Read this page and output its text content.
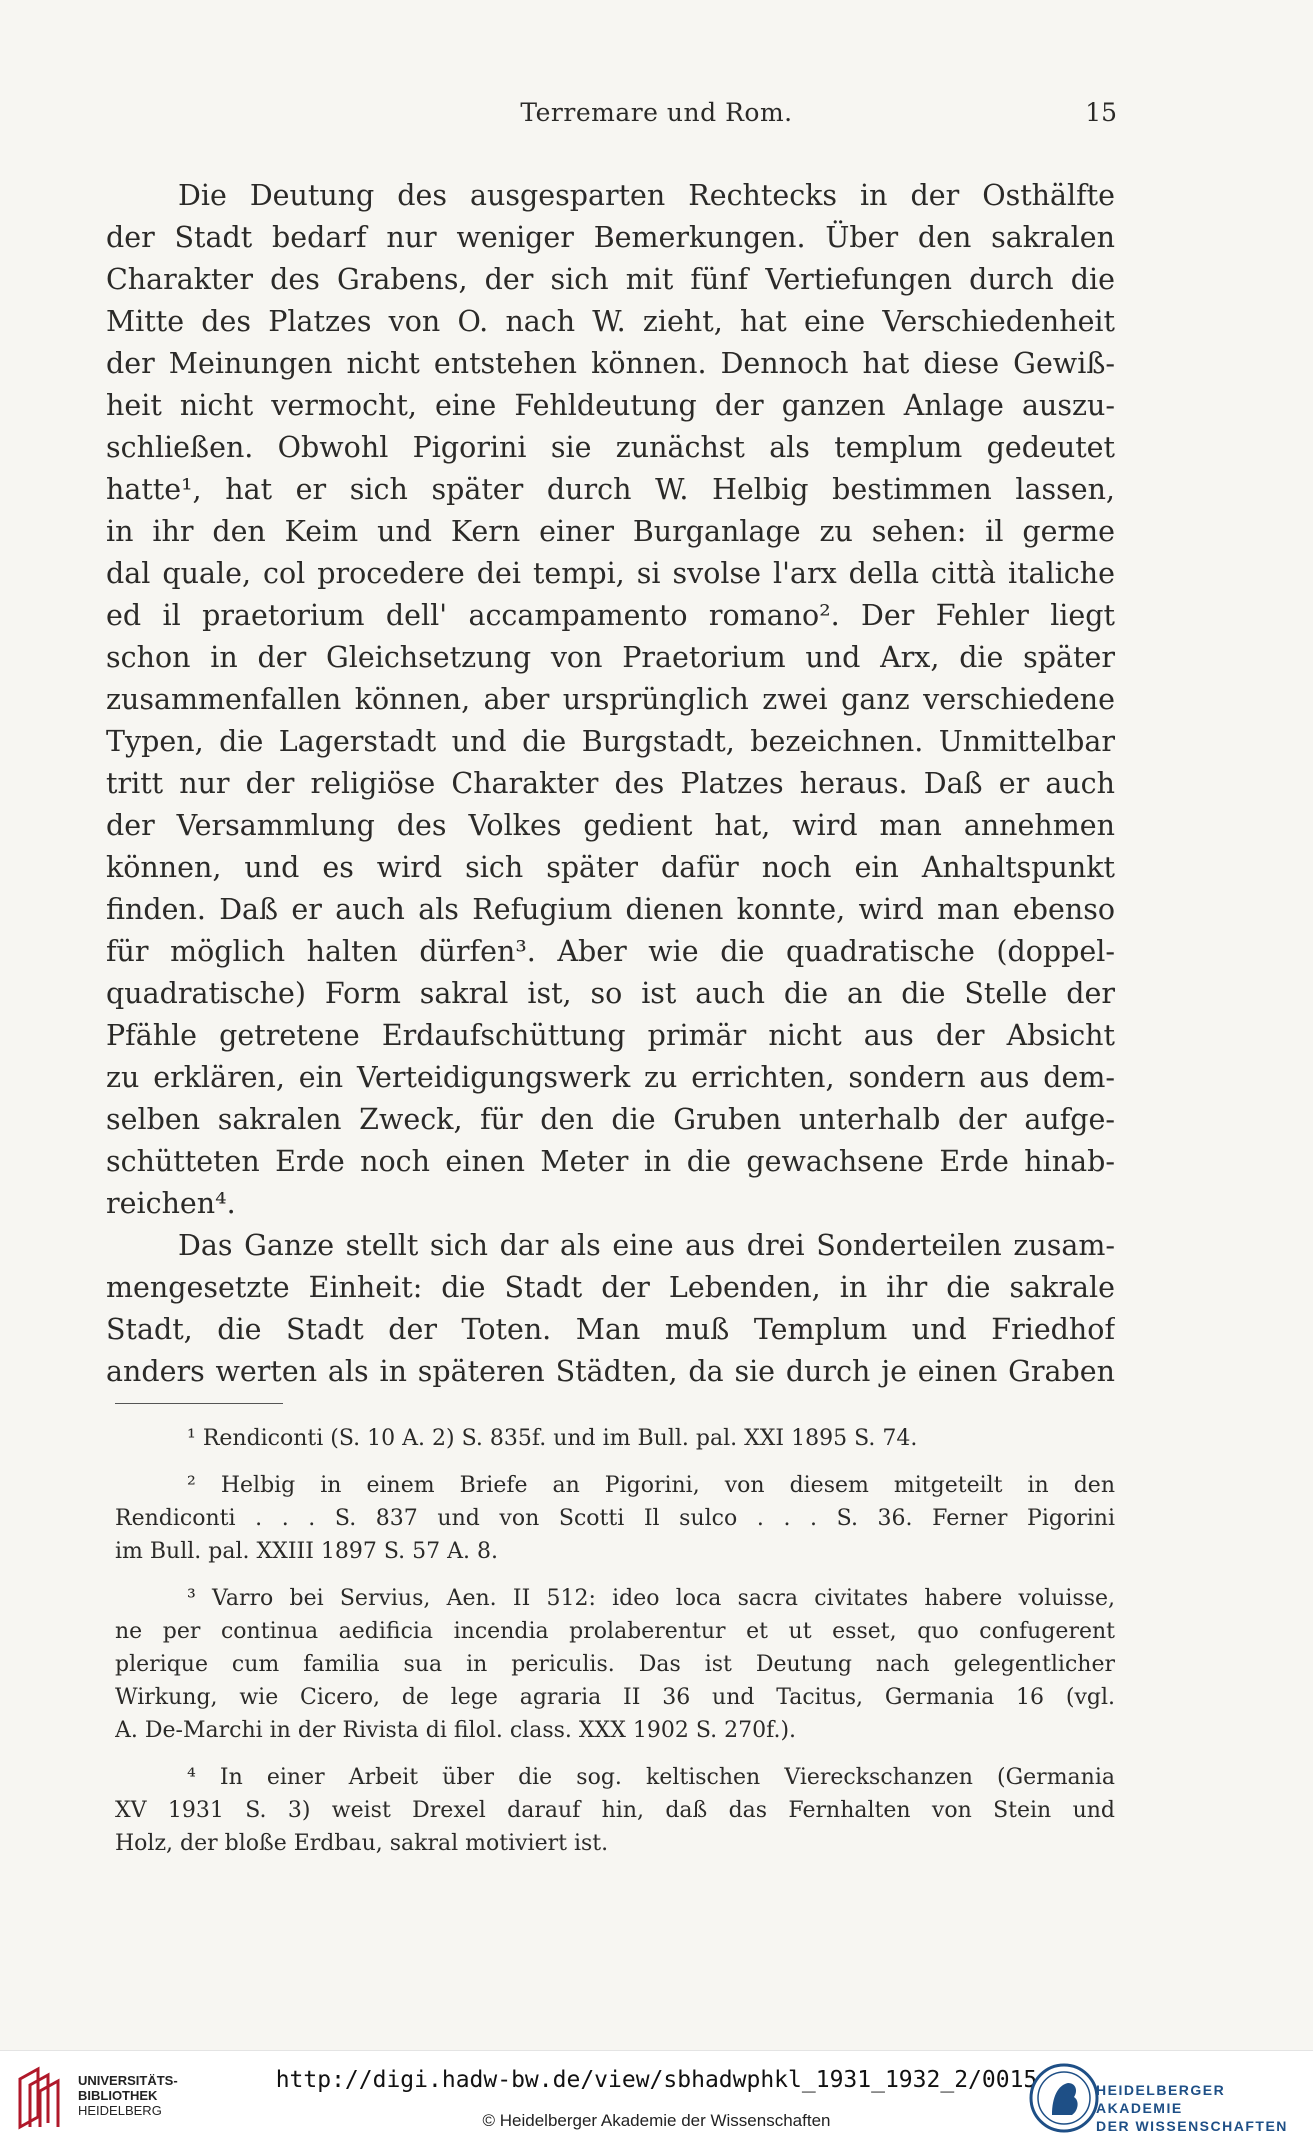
Terremare und Rom.	15
Die Deutung des ausgesparten Rechtecks in der Osthälfte
der Stadt bedarf nur weniger Bemerkungen. Über den sakralen
Charakter des Grabens, der sich mit fünf Vertiefungen durch die
Mitte des Platzes von O. nach W. zieht, hat eine Verschiedenheit
der Meinungen nicht entstehen können. Dennoch hat diese Gewiß-
heit nicht vermocht, eine Fehldeutung der ganzen Anlage auszu-
schließen. Obwohl Pigorini sie zunächst als templum gedeutet
hatte¹, hat er sich später durch W. Helbig bestimmen lassen,
in ihr den Keim und Kern einer Burganlage zu sehen: il germe
dal quale, col procedere dei tempi, si svolse l'arx della città italiche
ed il praetorium dell' accampamento romano². Der Fehler liegt
schon in der Gleichsetzung von Praetorium und Arx, die später
zusammenfallen können, aber ursprünglich zwei ganz verschiedene
Typen, die Lagerstadt und die Burgstadt, bezeichnen. Unmittelbar
tritt nur der religiöse Charakter des Platzes heraus. Daß er auch
der Versammlung des Volkes gedient hat, wird man annehmen
können, und es wird sich später dafür noch ein Anhaltspunkt
finden. Daß er auch als Refugium dienen konnte, wird man ebenso
für möglich halten dürfen³. Aber wie die quadratische (doppel-
quadratische) Form sakral ist, so ist auch die an die Stelle der
Pfähle getretene Erdaufschüttung primär nicht aus der Absicht
zu erklären, ein Verteidigungswerk zu errichten, sondern aus dem-
selben sakralen Zweck, für den die Gruben unterhalb der aufge-
schütteten Erde noch einen Meter in die gewachsene Erde hinab-
reichen⁴.
Das Ganze stellt sich dar als eine aus drei Sonderteilen zusam-
mengesetzte Einheit: die Stadt der Lebenden, in ihr die sakrale
Stadt, die Stadt der Toten. Man muß Templum und Friedhof
anders werten als in späteren Städten, da sie durch je einen Graben
¹ Rendiconti (S. 10 A. 2) S. 835f. und im Bull. pal. XXI 1895 S. 74.
² Helbig in einem Briefe an Pigorini, von diesem mitgeteilt in den
Rendiconti . . . S. 837 und von Scotti Il sulco . . . S. 36. Ferner Pigorini
im Bull. pal. XXIII 1897 S. 57 A. 8.
³ Varro bei Servius, Aen. II 512: ideo loca sacra civitates habere voluisse,
ne per continua aedificia incendia prolaberentur et ut esset, quo confugerent
plerique cum familia sua in periculis. Das ist Deutung nach gelegentlicher
Wirkung, wie Cicero, de lege agraria II 36 und Tacitus, Germania 16 (vgl.
A. De-Marchi in der Rivista di filol. class. XXX 1902 S. 270f.).
⁴ In einer Arbeit über die sog. keltischen Viereckschanzen (Germania
XV 1931 S. 3) weist Drexel darauf hin, daß das Fernhalten von Stein und
Holz, der bloße Erdbau, sakral motiviert ist.
UNIVERSITÄTS-
BIBLIOTHEK
HEIDELBERG
http://digi.hadw-bw.de/view/sbhadwphkl_1931_1932_2/0015
© Heidelberger Akademie der Wissenschaften
HEIDELBERGER AKADEMIE
DER WISSENSCHAFTEN
